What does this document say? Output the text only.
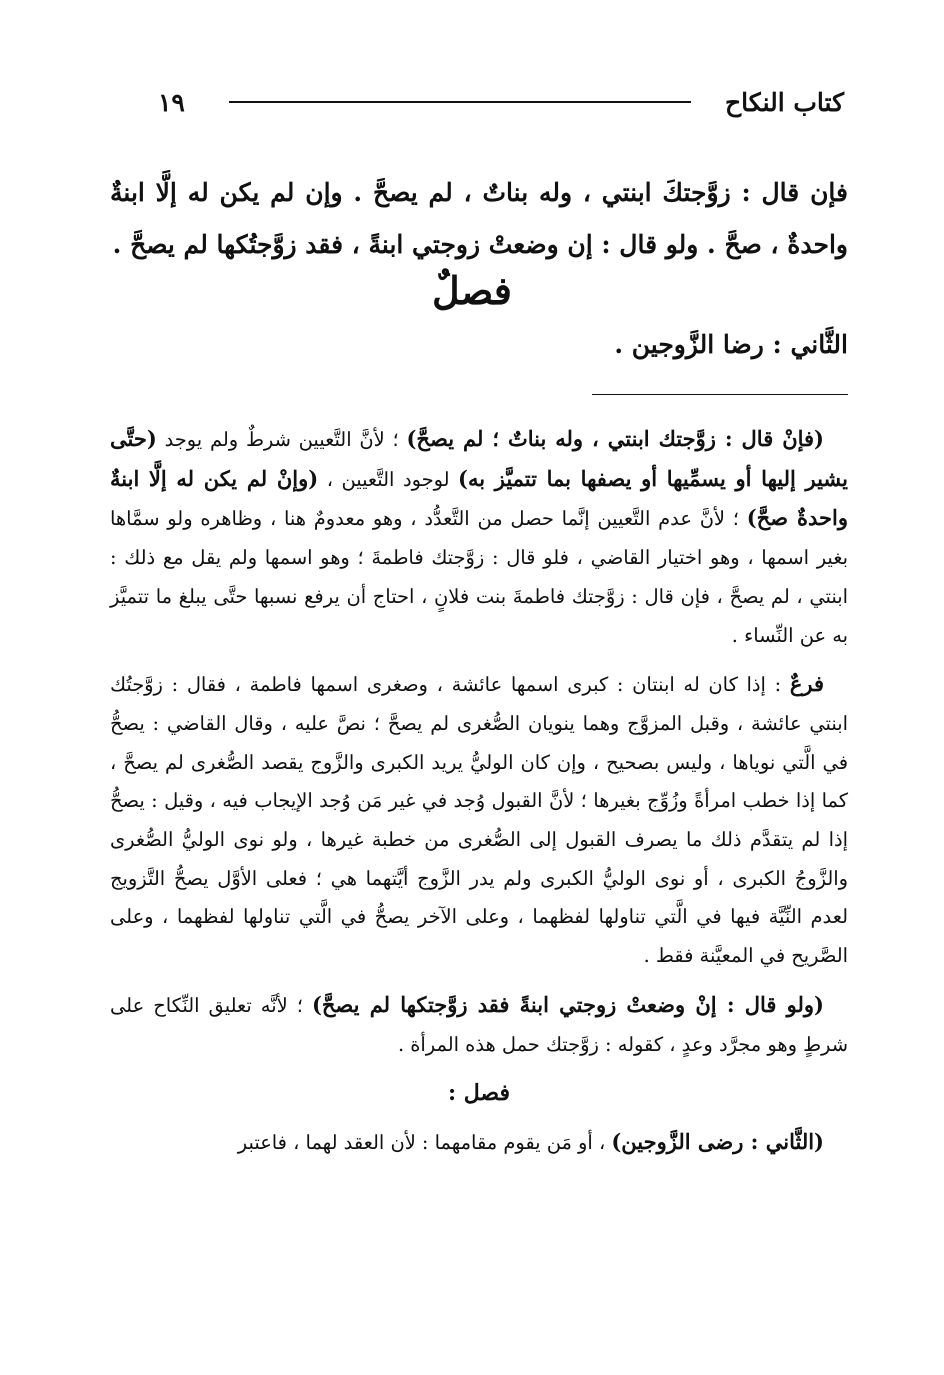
كتاب النكاح
١٩

فإن قال : زوَّجتكَ ابنتي ، وله بناتٌ ، لم يصحَّ . وإن لم يكن له إلَّا ابنةٌ واحدةٌ ، صحَّ . ولو قال : إن وضعتْ زوجتي ابنةً ، فقد زوَّجتُكها لم يصحَّ .

فصلٌ
الثَّاني : رضا الزَّوجين .

(فإنْ قال : زوَّجتك ابنتي ، وله بناتٌ ؛ لم يصحَّ) ؛ لأنَّ التَّعيين شرطٌ ولم يوجد (حتَّى يشير إليها أو يسمِّيها أو يصفها بما تتميَّز به) لوجود التَّعيين ، (وإنْ لم يكن له إلَّا ابنةٌ واحدةٌ صحَّ) ؛ لأنَّ عدم التَّعيين إنَّما حصل من التَّعدُّد ، وهو معدومٌ هنا ، وظاهره ولو سمَّاها بغير اسمها ، وهو اختيار القاضي ، فلو قال : زوَّجتك فاطمةَ ؛ وهو اسمها ولم يقل مع ذلك : ابنتي ، لم يصحَّ ، فإن قال : زوَّجتك فاطمةَ بنت فلانٍ ، احتاج أن يرفع نسبها حتَّى يبلغ ما تتميَّز به عن النِّساء .

فرعٌ : إذا كان له ابنتان : كبرى اسمها عائشة ، وصغرى اسمها فاطمة ، فقال : زوَّجتُك ابنتي عائشة ، وقبل المزوَّج وهما ينويان الصُّغرى لم يصحَّ ؛ نصَّ عليه ، وقال القاضي : يصحُّ في الَّتي نوياها ، وليس بصحيح ، وإن كان الوليُّ يريد الكبرى والزَّوج يقصد الصُّغرى لم يصحَّ ، كما إذا خطب امرأةً وزُوِّج بغيرها ؛ لأنَّ القبول وُجد في غير مَن وُجد الإيجاب فيه ، وقيل : يصحُّ إذا لم يتقدَّم ذلك ما يصرف القبول إلى الصُّغرى من خطبة غيرها ، ولو نوى الوليُّ الصُّغرى والزَّوجُ الكبرى ، أو نوى الوليُّ الكبرى ولم يدر الزَّوج أيَّتهما هي ؛ فعلى الأوَّل يصحُّ التَّزويج لعدم النِّيَّة فيها في الَّتي تناولها لفظهما ، وعلى الآخر يصحُّ في الَّتي تناولها لفظهما ، وعلى الصَّريح في المعيَّنة فقط .

(ولو قال : إنْ وضعتْ زوجتي ابنةً فقد زوَّجتكها لم يصحَّ) ؛ لأنَّه تعليق النِّكاح على شرطٍ وهو مجرَّد وعدٍ ، كقوله : زوَّجتك حمل هذه المرأة .

فصل :

(الثَّاني : رضى الزَّوجين) ، أو مَن يقوم مقامهما : لأن العقد لهما ، فاعتبر
